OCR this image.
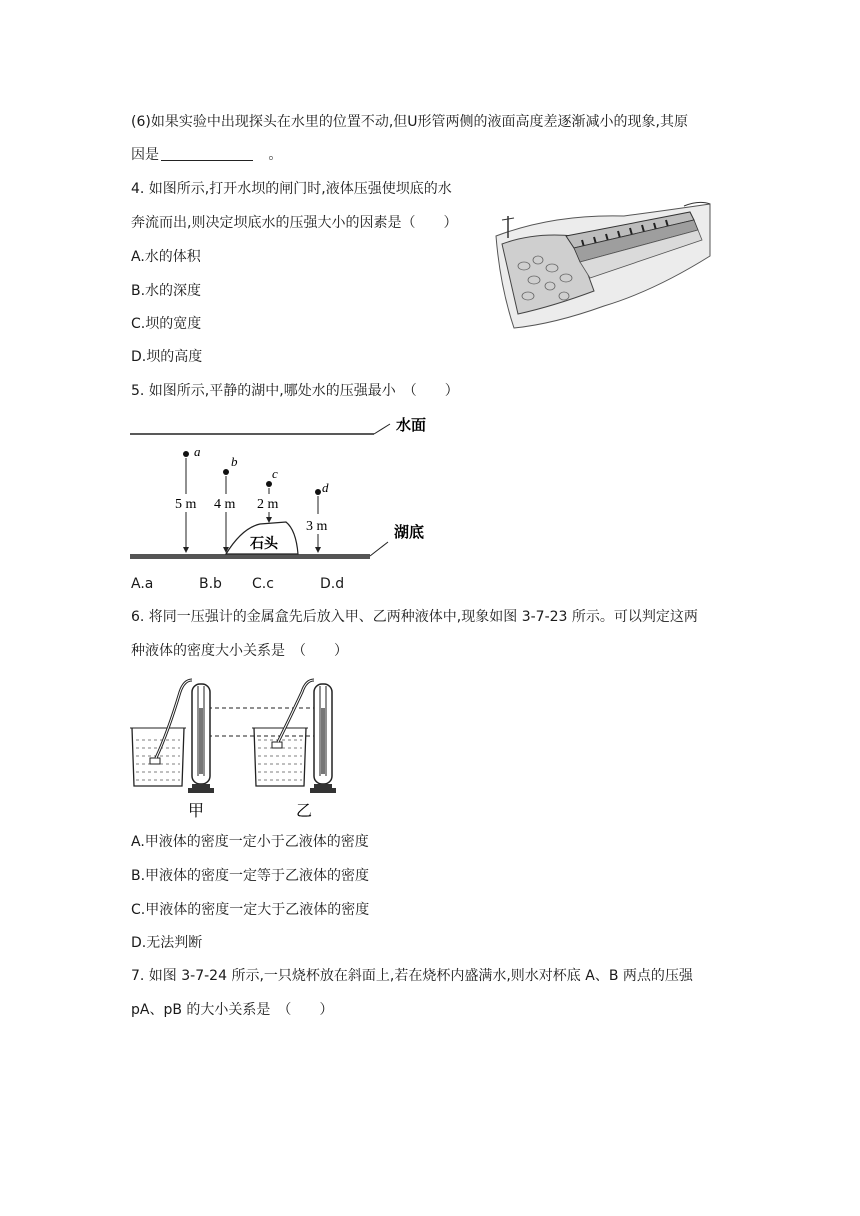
(6)如果实验中出现探头在水里的位置不动,但U形管两侧的液面高度差逐渐减小的现象,其原
因是	。
4. 如图所示,打开水坝的闸门时,液体压强使坝底的水
奔流而出,则决定坝底水的压强大小的因素是（　　）
A.水的体积
B.水的深度
C.坝的宽度
D.坝的高度
5. 如图所示,平静的湖中,哪处水的压强最小　（　　）
水面
湖底
石头
a
5 m
b
4 m
c
2 m
d
3 m
A.a	B.b C.c	D.d
6. 将同一压强计的金属盒先后放入甲、乙两种液体中,现象如图 3-7-23 所示。可以判定这两
种液体的密度大小关系是　（　　）
甲	乙
A.甲液体的密度一定小于乙液体的密度
B.甲液体的密度一定等于乙液体的密度
C.甲液体的密度一定大于乙液体的密度
D.无法判断
7. 如图 3-7-24 所示,一只烧杯放在斜面上,若在烧杯内盛满水,则水对杯底 A、B 两点的压强
pA、pB 的大小关系是　（　　）
